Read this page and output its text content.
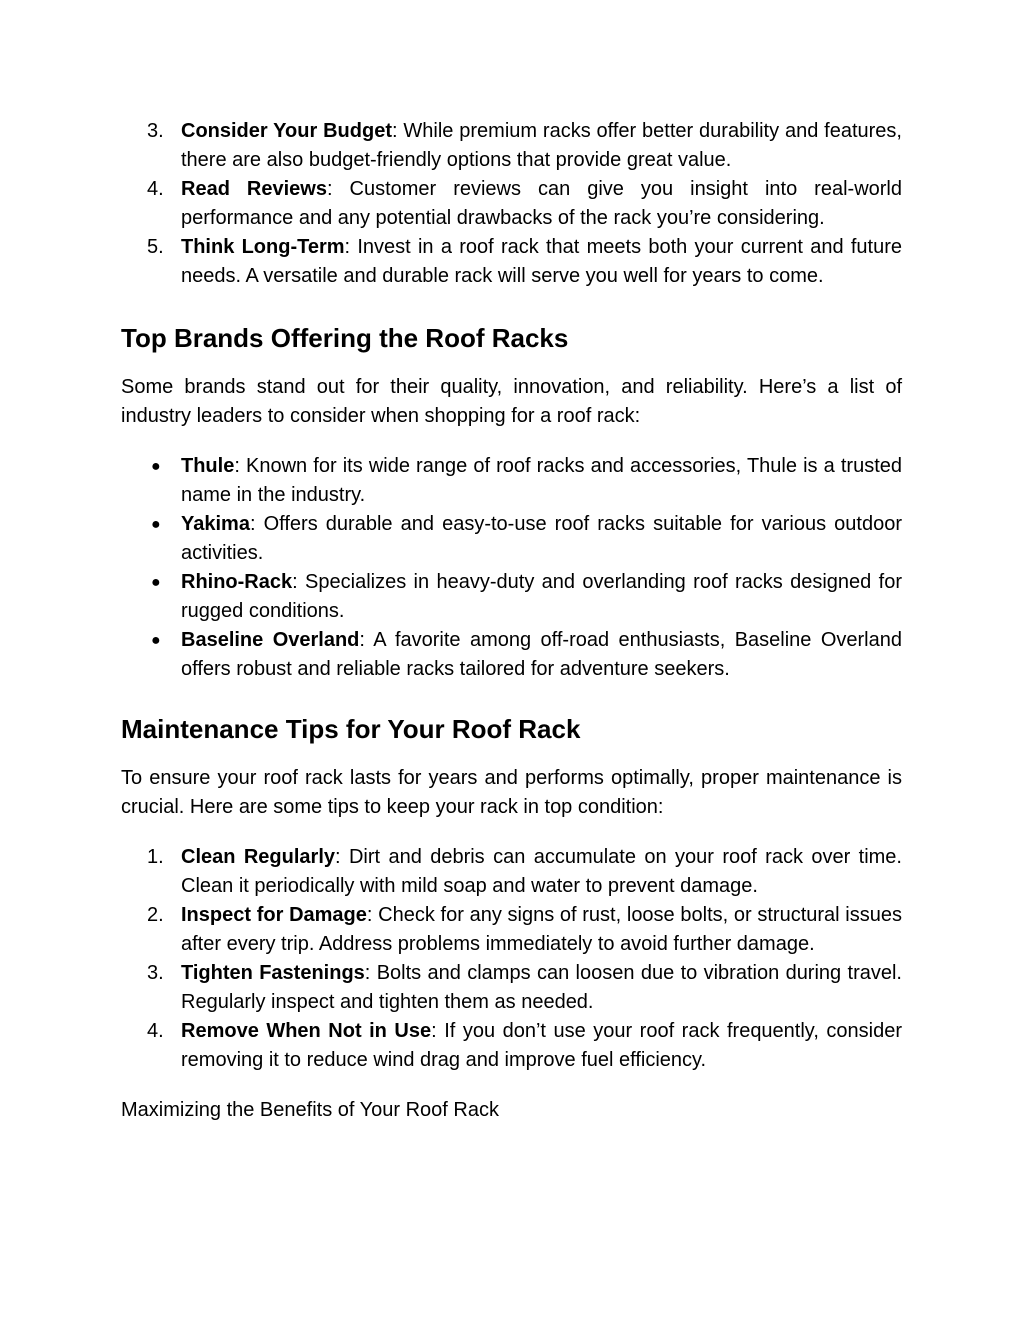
3. Consider Your Budget: While premium racks offer better durability and features, there are also budget-friendly options that provide great value.
4. Read Reviews: Customer reviews can give you insight into real-world performance and any potential drawbacks of the rack you’re considering.
5. Think Long-Term: Invest in a roof rack that meets both your current and future needs. A versatile and durable rack will serve you well for years to come.
Top Brands Offering the Roof Racks

Some brands stand out for their quality, innovation, and reliability. Here’s a list of industry leaders to consider when shopping for a roof rack:

● Thule: Known for its wide range of roof racks and accessories, Thule is a trusted name in the industry.
● Yakima: Offers durable and easy-to-use roof racks suitable for various outdoor activities.
● Rhino-Rack: Specializes in heavy-duty and overlanding roof racks designed for rugged conditions.
● Baseline Overland: A favorite among off-road enthusiasts, Baseline Overland offers robust and reliable racks tailored for adventure seekers.
Maintenance Tips for Your Roof Rack

To ensure your roof rack lasts for years and performs optimally, proper maintenance is crucial. Here are some tips to keep your rack in top condition:

1. Clean Regularly: Dirt and debris can accumulate on your roof rack over time. Clean it periodically with mild soap and water to prevent damage.
2. Inspect for Damage: Check for any signs of rust, loose bolts, or structural issues after every trip. Address problems immediately to avoid further damage.
3. Tighten Fastenings: Bolts and clamps can loosen due to vibration during travel. Regularly inspect and tighten them as needed.
4. Remove When Not in Use: If you don’t use your roof rack frequently, consider removing it to reduce wind drag and improve fuel efficiency.

Maximizing the Benefits of Your Roof Rack
